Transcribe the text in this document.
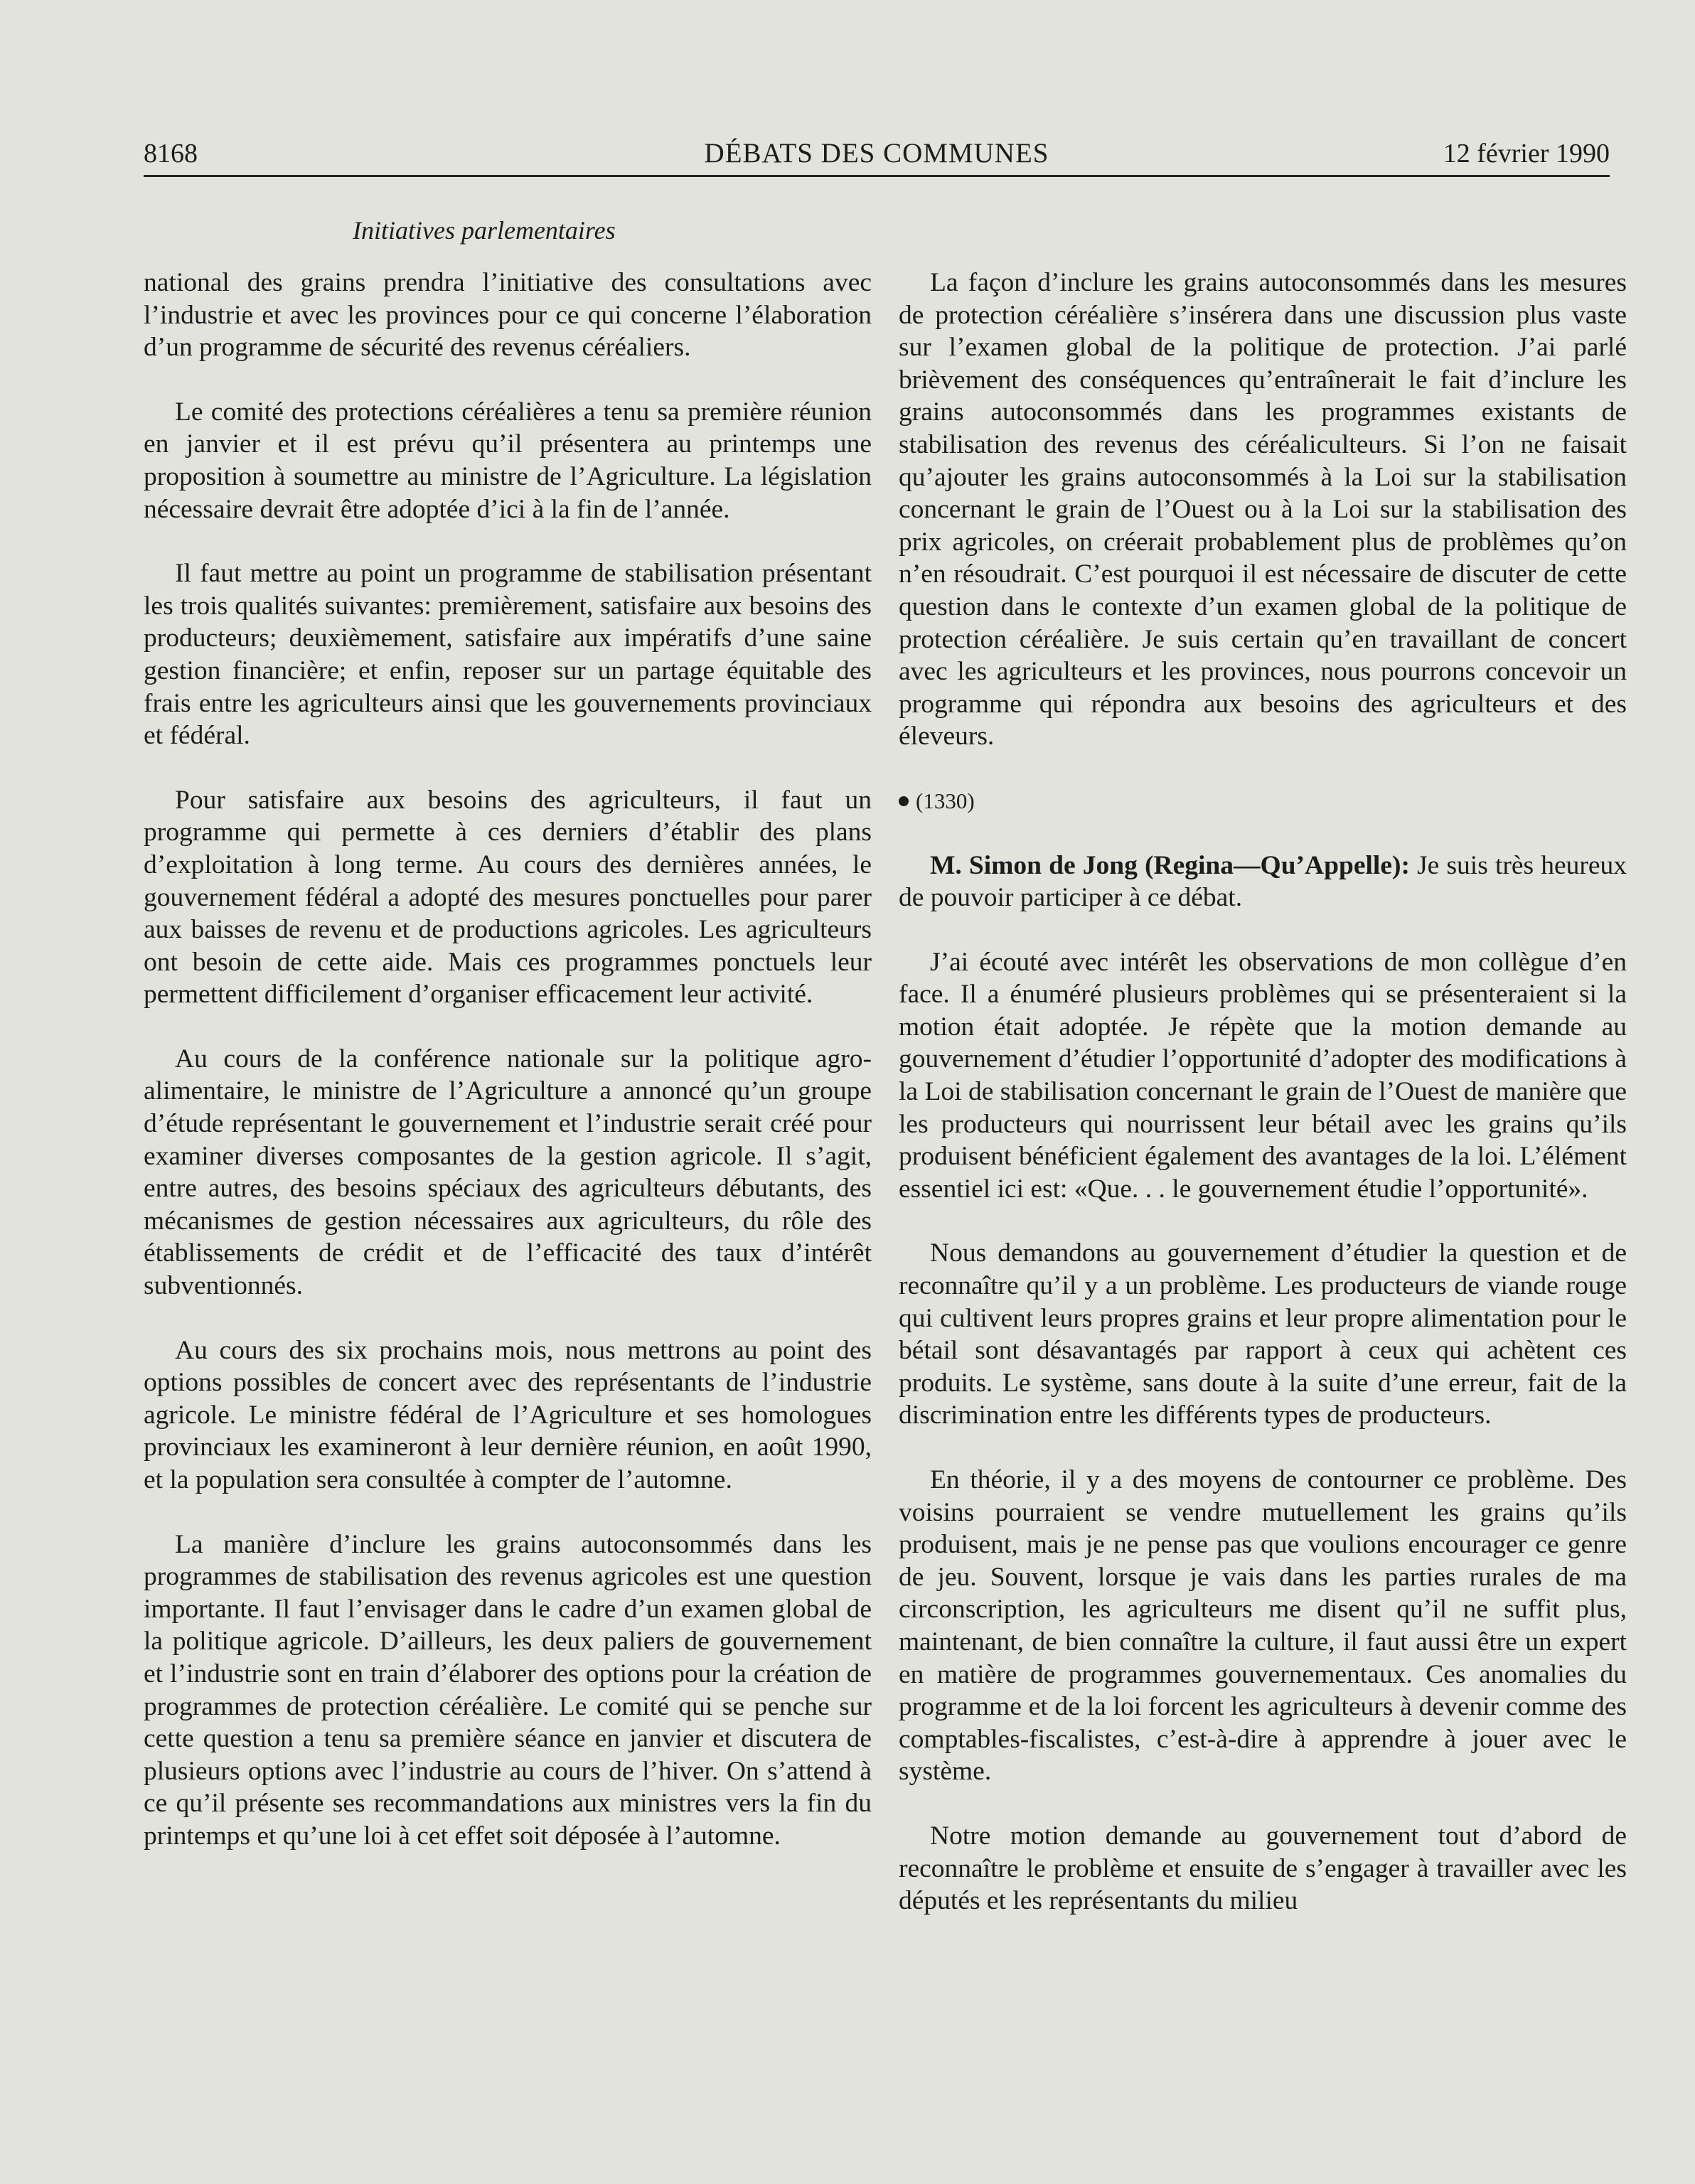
8168	DÉBATS DES COMMUNES	12 février 1990
Initiatives parlementaires

national des grains prendra l’initiative des consultations avec l’industrie et avec les provinces pour ce qui concerne l’élaboration d’un programme de sécurité des revenus céréaliers.

Le comité des protections céréalières a tenu sa première réunion en janvier et il est prévu qu’il présentera au printemps une proposition à soumettre au ministre de l’Agriculture. La législation nécessaire devrait être adoptée d’ici à la fin de l’année.

Il faut mettre au point un programme de stabilisation présentant les trois qualités suivantes: premièrement, satisfaire aux besoins des producteurs; deuxièmement, satisfaire aux impératifs d’une saine gestion financière; et enfin, reposer sur un partage équitable des frais entre les agriculteurs ainsi que les gouvernements provinciaux et fédéral.

Pour satisfaire aux besoins des agriculteurs, il faut un programme qui permette à ces derniers d’établir des plans d’exploitation à long terme. Au cours des dernières années, le gouvernement fédéral a adopté des mesures ponctuelles pour parer aux baisses de revenu et de productions agricoles. Les agriculteurs ont besoin de cette aide. Mais ces programmes ponctuels leur permettent difficilement d’organiser efficacement leur activité.

Au cours de la conférence nationale sur la politique agro-alimentaire, le ministre de l’Agriculture a annoncé qu’un groupe d’étude représentant le gouvernement et l’industrie serait créé pour examiner diverses composantes de la gestion agricole. Il s’agit, entre autres, des besoins spéciaux des agriculteurs débutants, des mécanismes de gestion nécessaires aux agriculteurs, du rôle des établissements de crédit et de l’efficacité des taux d’intérêt subventionnés.

Au cours des six prochains mois, nous mettrons au point des options possibles de concert avec des représentants de l’industrie agricole. Le ministre fédéral de l’Agriculture et ses homologues provinciaux les examineront à leur dernière réunion, en août 1990, et la population sera consultée à compter de l’automne.

La manière d’inclure les grains autoconsommés dans les programmes de stabilisation des revenus agricoles est une question importante. Il faut l’envisager dans le cadre d’un examen global de la politique agricole. D’ailleurs, les deux paliers de gouvernement et l’industrie sont en train d’élaborer des options pour la création de programmes de protection céréalière. Le comité qui se penche sur cette question a tenu sa première séance en janvier et discutera de plusieurs options avec l’industrie au cours de l’hiver. On s’attend à ce qu’il présente ses recommandations aux ministres vers la fin du printemps et qu’une loi à cet effet soit déposée à l’automne.

La façon d’inclure les grains autoconsommés dans les mesures de protection céréalière s’insérera dans une discussion plus vaste sur l’examen global de la politique de protection. J’ai parlé brièvement des conséquences qu’entraînerait le fait d’inclure les grains autoconsommés dans les programmes existants de stabilisation des revenus des céréaliculteurs. Si l’on ne faisait qu’ajouter les grains autoconsommés à la Loi sur la stabilisation concernant le grain de l’Ouest ou à la Loi sur la stabilisation des prix agricoles, on créerait probablement plus de problèmes qu’on n’en résoudrait. C’est pourquoi il est nécessaire de discuter de cette question dans le contexte d’un examen global de la politique de protection céréalière. Je suis certain qu’en travaillant de concert avec les agriculteurs et les provinces, nous pourrons concevoir un programme qui répondra aux besoins des agriculteurs et des éleveurs.

(1330)

M. Simon de Jong (Regina—Qu’Appelle): Je suis très heureux de pouvoir participer à ce débat.

J’ai écouté avec intérêt les observations de mon collègue d’en face. Il a énuméré plusieurs problèmes qui se présenteraient si la motion était adoptée. Je répète que la motion demande au gouvernement d’étudier l’opportunité d’adopter des modifications à la Loi de stabilisation concernant le grain de l’Ouest de manière que les producteurs qui nourrissent leur bétail avec les grains qu’ils produisent bénéficient également des avantages de la loi. L’élément essentiel ici est: «Que. . . le gouvernement étudie l’opportunité».

Nous demandons au gouvernement d’étudier la question et de reconnaître qu’il y a un problème. Les producteurs de viande rouge qui cultivent leurs propres grains et leur propre alimentation pour le bétail sont désavantagés par rapport à ceux qui achètent ces produits. Le système, sans doute à la suite d’une erreur, fait de la discrimination entre les différents types de producteurs.

En théorie, il y a des moyens de contourner ce problème. Des voisins pourraient se vendre mutuellement les grains qu’ils produisent, mais je ne pense pas que voulions encourager ce genre de jeu. Souvent, lorsque je vais dans les parties rurales de ma circonscription, les agriculteurs me disent qu’il ne suffit plus, maintenant, de bien connaître la culture, il faut aussi être un expert en matière de programmes gouvernementaux. Ces anomalies du programme et de la loi forcent les agriculteurs à devenir comme des comptables-fiscalistes, c’est-à-dire à apprendre à jouer avec le système.

Notre motion demande au gouvernement tout d’abord de reconnaître le problème et ensuite de s’engager à travailler avec les députés et les représentants du milieu
